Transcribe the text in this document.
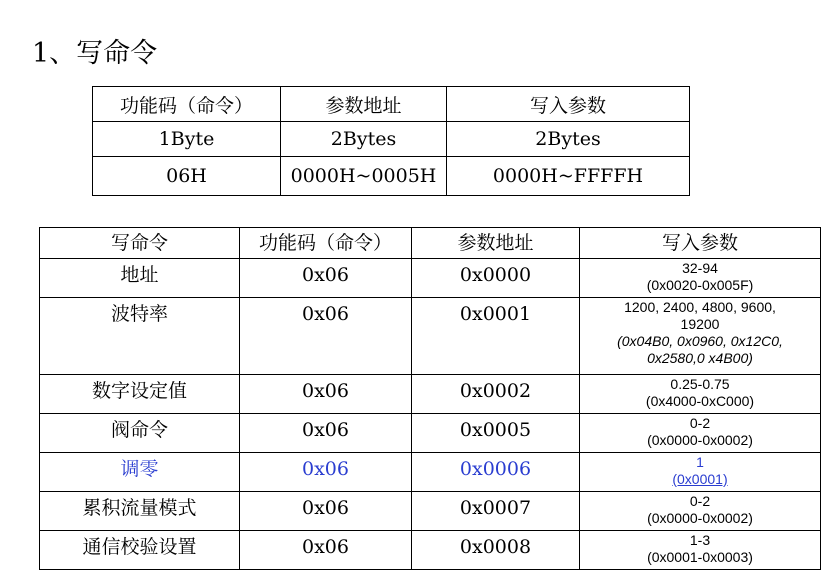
1、写命令
功能码（命令）	参数地址	写入参数
1Byte	2Bytes	2Bytes
06H	0000H~0005H	0000H~FFFFH
写命令	功能码（命令）	参数地址	写入参数
地址	0x06	0x0000	32-94
(0x0020-0x005F)

波特率	0x06	0x0001	1200, 2400, 4800, 9600,
19200
(0x04B0, 0x0960, 0x12C0,
0x2580,0 x4B00)

数字设定值	0x06	0x0002	0.25-0.75
(0x4000-0xC000)

阀命令	0x06	0x0005	0-2
(0x0000-0x0002)

调零	0x06	0x0006	1
(0x0001)

累积流量模式	0x06	0x0007	0-2
(0x0000-0x0002)

通信校验设置	0x06	0x0008	1-3
(0x0001-0x0003)
